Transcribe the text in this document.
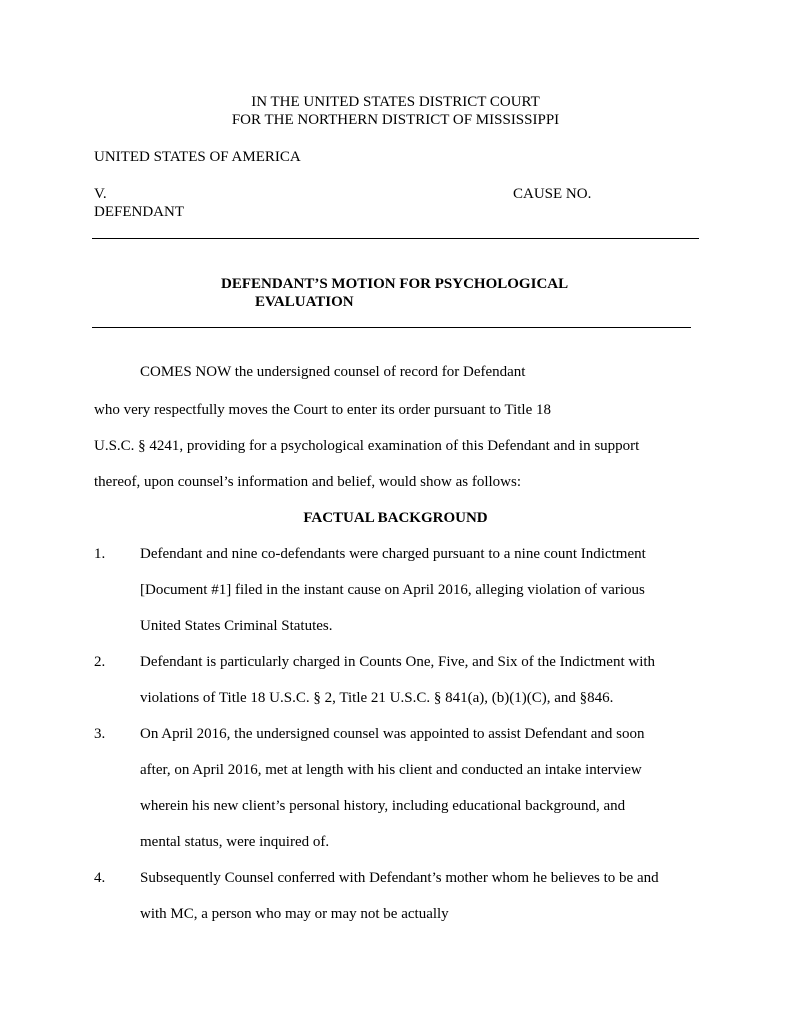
IN THE UNITED STATES DISTRICT COURT
FOR THE NORTHERN DISTRICT OF MISSISSIPPI
UNITED STATES OF AMERICA
V.	CAUSE NO.
DEFENDANT
DEFENDANT’S MOTION FOR PSYCHOLOGICAL
EVALUATION
COMES NOW the undersigned counsel of record for Defendant
who very respectfully moves the Court to enter its order pursuant to Title 18
U.S.C. § 4241, providing for a psychological examination of this Defendant and in support
thereof, upon counsel’s information and belief, would show as follows:
FACTUAL BACKGROUND
1. Defendant and nine co-defendants were charged pursuant to a nine count Indictment
[Document #1] filed in the instant cause on April 2016, alleging violation of various
United States Criminal Statutes.
2. Defendant is particularly charged in Counts One, Five, and Six of the Indictment with
violations of Title 18 U.S.C. § 2, Title 21 U.S.C. § 841(a), (b)(1)(C), and §846.
3. On April 2016, the undersigned counsel was appointed to assist Defendant and soon
after, on April 2016, met at length with his client and conducted an intake interview
wherein his new client’s personal history, including educational background, and
mental status, were inquired of.
4. Subsequently Counsel conferred with Defendant’s mother whom he believes to be and
with MC, a person who may or may not be actually
